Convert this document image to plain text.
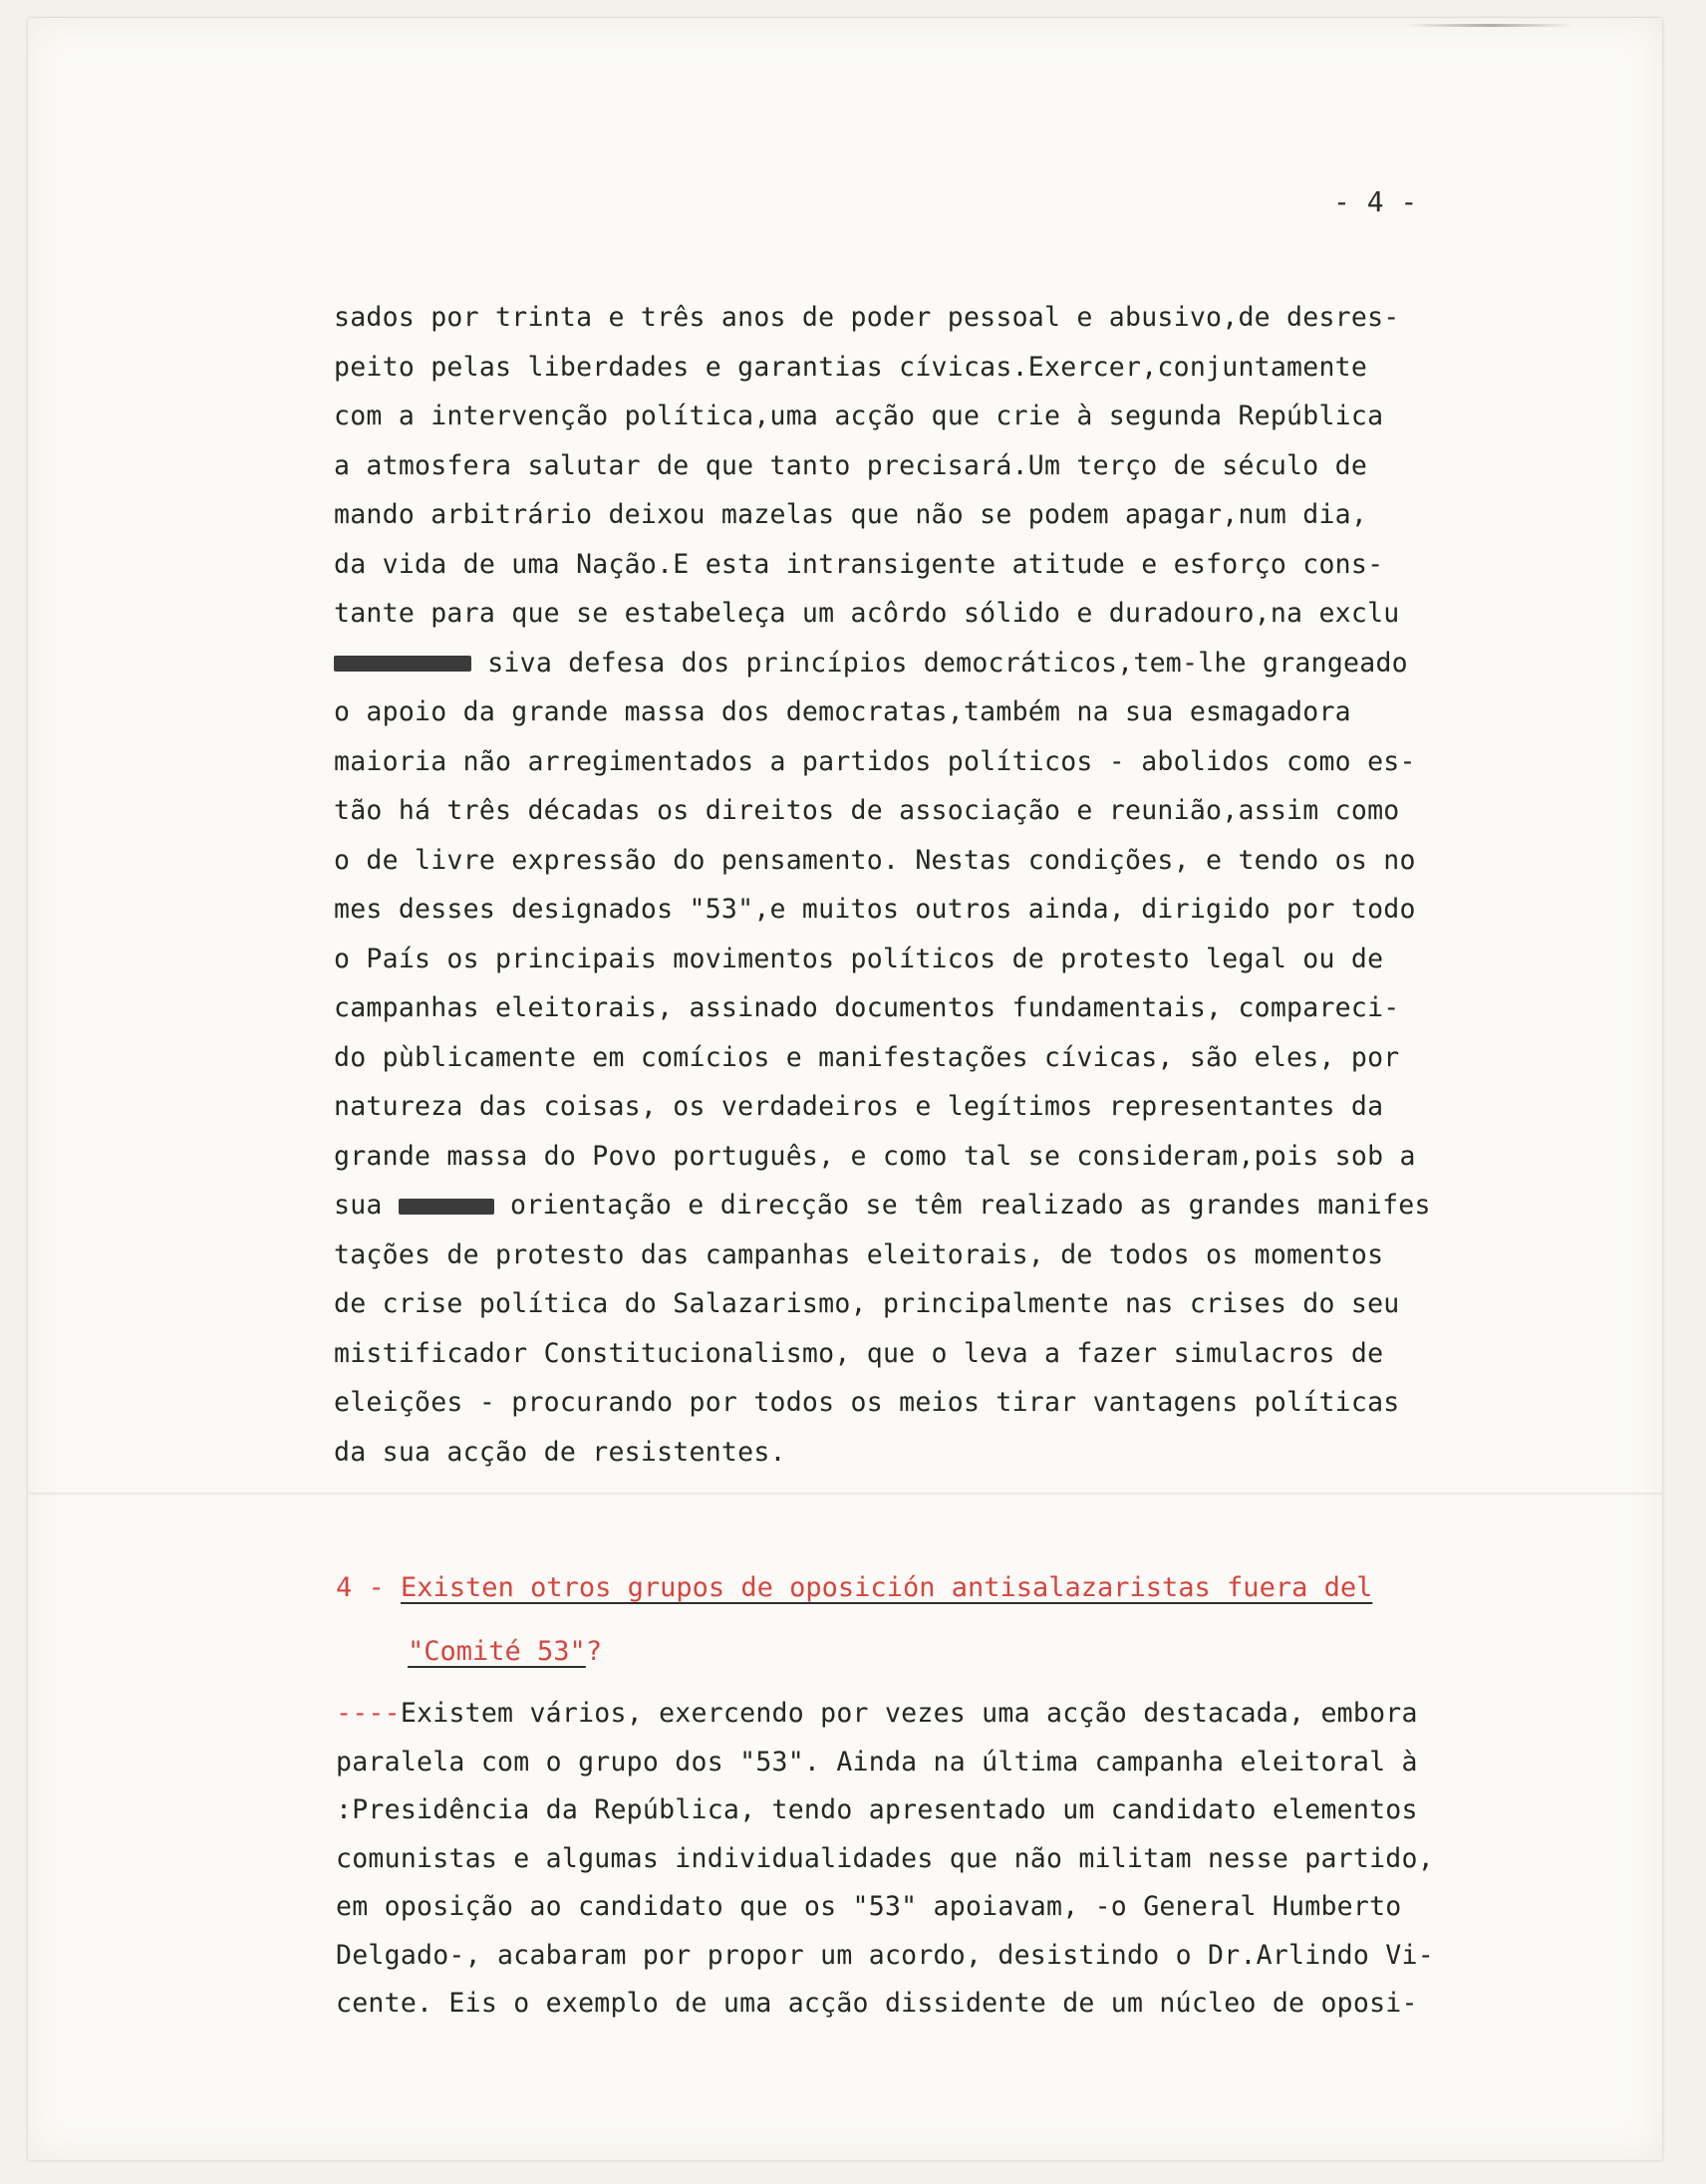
- 4 -
sados por trinta e três anos de poder pessoal e abusivo,de desres-
peito pelas liberdades e garantias cívicas.Exercer,conjuntamente
com a intervenção política,uma acção que crie à segunda República
a atmosfera salutar de que tanto precisará.Um terço de século de
mando arbitrário deixou mazelas que não se podem apagar,num dia,
da vida de uma Nação.E esta intransigente atitude e esforço cons-
tante para que se estabeleça um acôrdo sólido e duradouro,na exclu
siva defesa dos princípios democráticos,tem-lhe grangeado
o apoio da grande massa dos democratas,também na sua esmagadora
maioria não arregimentados a partidos políticos - abolidos como es-
tão há três décadas os direitos de associação e reunião,assim como
o de livre expressão do pensamento. Nestas condições, e tendo os no
mes desses designados "53",e muitos outros ainda, dirigido por todo
o País os principais movimentos políticos de protesto legal ou de
campanhas eleitorais, assinado documentos fundamentais, compareci-
do pùblicamente em comícios e manifestações cívicas, são eles, por
natureza das coisas, os verdadeiros e legítimos representantes da
grande massa do Povo português, e como tal se consideram,pois sob a
sua	orientação e direcção se têm realizado as grandes manifes
tações de protesto das campanhas eleitorais, de todos os momentos
de crise política do Salazarismo, principalmente nas crises do seu
mistificador Constitucionalismo, que o leva a fazer simulacros de
eleições - procurando por todos os meios tirar vantagens políticas
da sua acção de resistentes.
4 - Existen otros grupos de oposición antisalazaristas fuera del
"Comité 53"?
----Existem vários, exercendo por vezes uma acção destacada, embora
paralela com o grupo dos "53". Ainda na última campanha eleitoral à
:Presidência da República, tendo apresentado um candidato elementos
comunistas e algumas individualidades que não militam nesse partido,
em oposição ao candidato que os "53" apoiavam, -o General Humberto
Delgado-, acabaram por propor um acordo, desistindo o Dr.Arlindo Vi-
cente. Eis o exemplo de uma acção dissidente de um núcleo de oposi-
